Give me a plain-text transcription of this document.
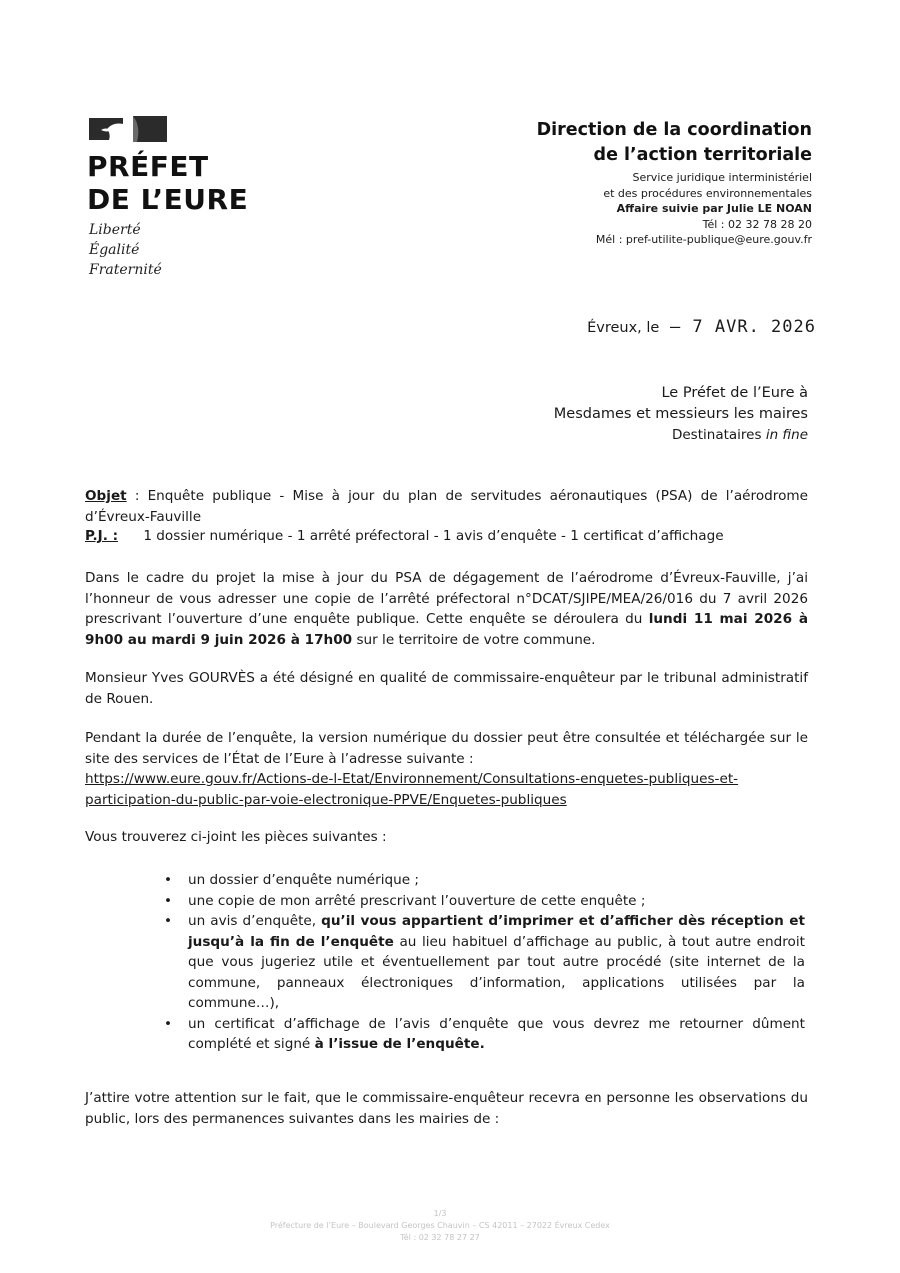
PRÉFET
DE L’EURE
Liberté
Égalité
Fraternité
Direction de la coordination
de l’action territoriale
Service juridique interministériel
et des procédures environnementales
Affaire suivie par Julie LE NOAN
Tél : 02 32 78 28 20
Mél : pref-utilite-publique@eure.gouv.fr
Évreux, le – 7 AVR. 2026
Le Préfet de l’Eure à
Mesdames et messieurs les maires
Destinataires in fine
Objet : Enquête publique - Mise à jour du plan de servitudes aéronautiques (PSA) de l’aérodrome d’Évreux-Fauville
P.J. : 1 dossier numérique - 1 arrêté préfectoral - 1 avis d’enquête - 1 certificat d’affichage
Dans le cadre du projet la mise à jour du PSA de dégagement de l’aérodrome d’Évreux-Fauville, j’ai l’honneur de vous adresser une copie de l’arrêté préfectoral n°DCAT/SJIPE/MEA/26/016 du 7 avril 2026 prescrivant l’ouverture d’une enquête publique. Cette enquête se déroulera du lundi 11 mai 2026 à 9h00 au mardi 9 juin 2026 à 17h00 sur le territoire de votre commune.
Monsieur Yves GOURVÈS a été désigné en qualité de commissaire-enquêteur par le tribunal administratif de Rouen.
Pendant la durée de l’enquête, la version numérique du dossier peut être consultée et téléchargée sur le site des services de l’État de l’Eure à l’adresse suivante :
https://www.eure.gouv.fr/Actions-de-l-Etat/Environnement/Consultations-enquetes-publiques-et-
participation-du-public-par-voie-electronique-PPVE/Enquetes-publiques
Vous trouverez ci-joint les pièces suivantes :
• un dossier d’enquête numérique ;
• une copie de mon arrêté prescrivant l’ouverture de cette enquête ;
• un avis d’enquête, qu’il vous appartient d’imprimer et d’afficher dès réception et jusqu’à la fin de l’enquête au lieu habituel d’affichage au public, à tout autre endroit que vous jugeriez utile et éventuellement par tout autre procédé (site internet de la commune, panneaux électroniques d’information, applications utilisées par la commune…),
• un certificat d’affichage de l’avis d’enquête que vous devrez me retourner dûment complété et signé à l’issue de l’enquête.
J’attire votre attention sur le fait, que le commissaire-enquêteur recevra en personne les observations du public, lors des permanences suivantes dans les mairies de :
1/3
Préfecture de l’Eure – Boulevard Georges Chauvin – CS 42011 – 27022 Évreux Cedex
Tél : 02 32 78 27 27
